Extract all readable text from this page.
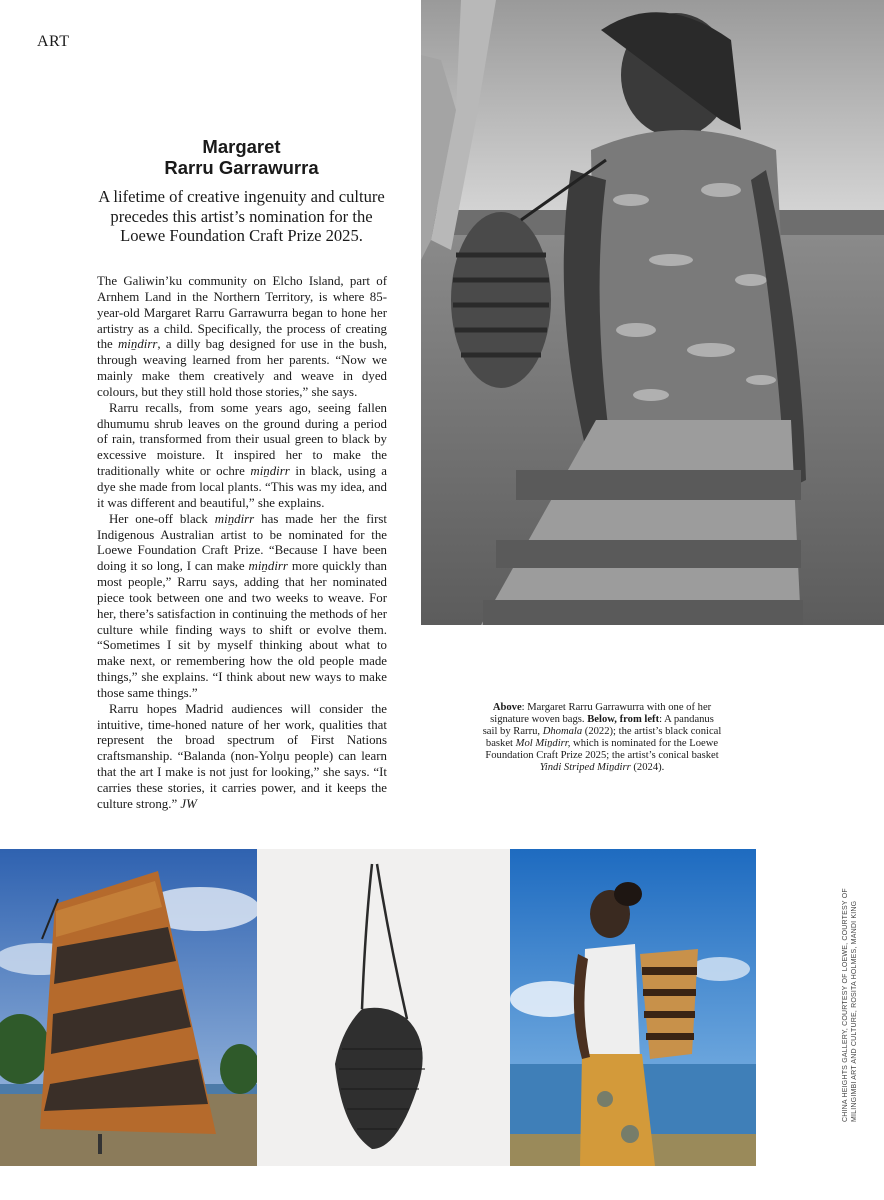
ART
Margaret
Rarru Garrawurra
A lifetime of creative ingenuity and culture precedes this artist’s nomination for the Loewe Foundation Craft Prize 2025.

The Galiwin’ku community on Elcho Island, part of Arnhem Land in the Northern Territory, is where 85-year-old Margaret Rarru Garrawurra began to hone her artistry as a child. Specifically, the process of creating the miṉdirr, a dilly bag designed for use in the bush, through weaving learned from her parents. “Now we mainly make them creatively and weave in dyed colours, but they still hold those stories,” she says.

Rarru recalls, from some years ago, seeing fallen dhumumu shrub leaves on the ground during a period of rain, transformed from their usual green to black by excessive moisture. It inspired her to make the traditionally white or ochre miṉdirr in black, using a dye she made from local plants. “This was my idea, and it was different and beautiful,” she explains.

Her one-off black miṉdirr has made her the first Indigenous Australian artist to be nominated for the Loewe Foundation Craft Prize. “Because I have been doing it so long, I can make miṉdirr more quickly than most people,” Rarru says, adding that her nominated piece took between one and two weeks to weave. For her, there’s satisfaction in continuing the methods of her culture while finding ways to shift or evolve them. “Sometimes I sit by myself thinking about what to make next, or remembering how the old people made things,” she explains. “I think about new ways to make those same things.”

Rarru hopes Madrid audiences will consider the intuitive, time-honed nature of her work, qualities that represent the broad spectrum of First Nations craftsmanship. “Balanda (non-Yolŋu people) can learn that the art I make is not just for looking,” she says. “It carries these stories, it carries power, and it keeps the culture strong.” JW

Above: Margaret Rarru Garrawurra with one of her signature woven bags. Below, from left: A pandanus sail by Rarru, Dhomala (2022); the artist’s black conical basket Mol Miṉdirr, which is nominated for the Loewe Foundation Craft Prize 2025; the artist’s conical basket Yindi Striped Miṉdirr (2024).
CHINA HEIGHTS GALLERY, COURTESY OF LOEWE, COURTESY OF MILINGIMBI ART AND CULTURE, ROSITA HOLMES, MANDI KING
